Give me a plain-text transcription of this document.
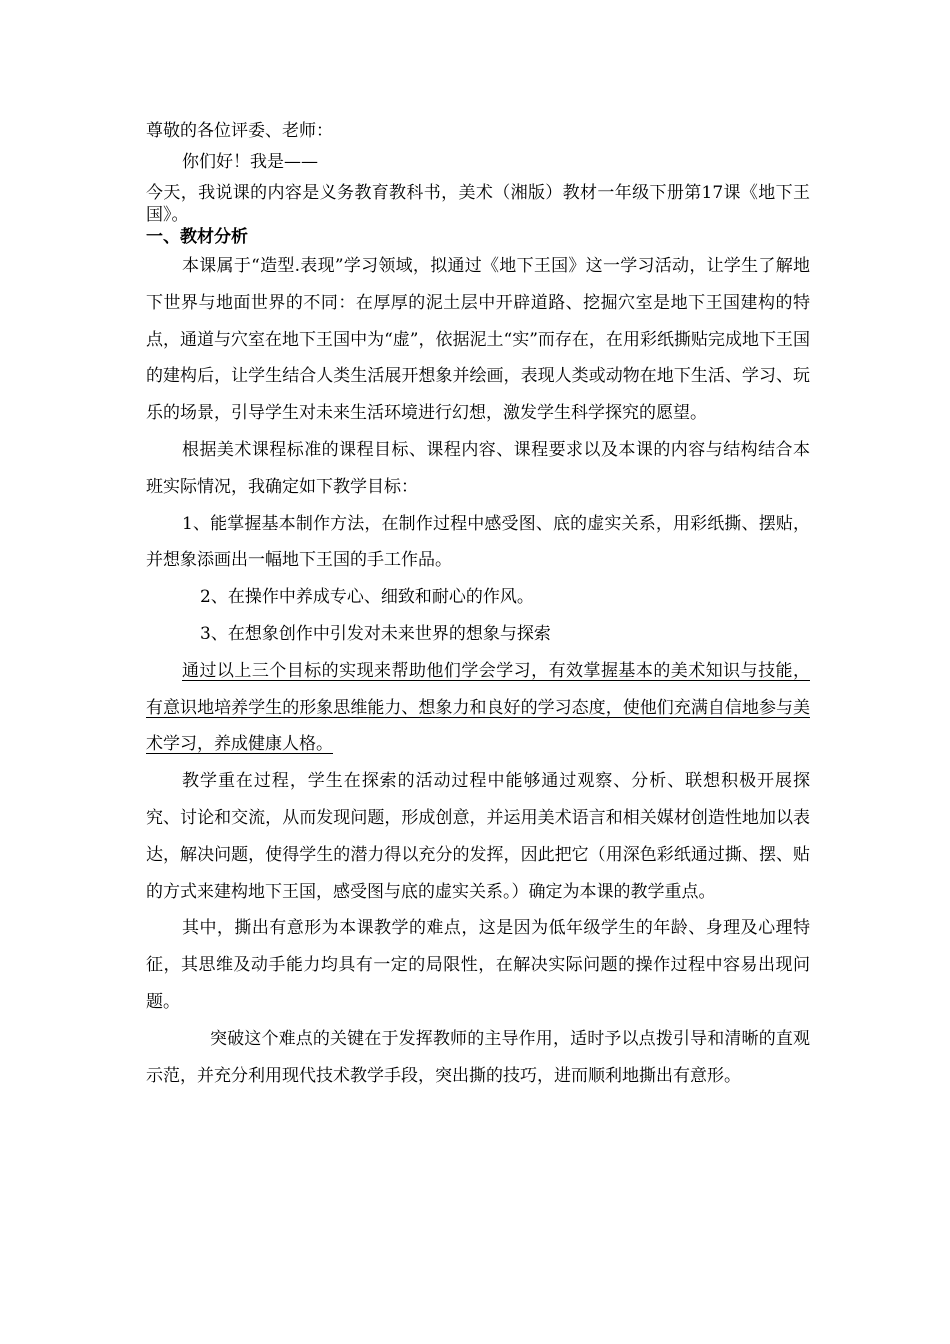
尊敬的各位评委、老师：

你们好！我是——

今天，我说课的内容是义务教育教科书，美术（湘版）教材一年级下册第17课《地下王国》。

一、教材分析

本课属于“造型.表现”学习领域，拟通过《地下王国》这一学习活动，让学生了解地下世界与地面世界的不同：在厚厚的泥土层中开辟道路、挖掘穴室是地下王国建构的特点，通道与穴室在地下王国中为“虚”，依据泥土“实”而存在，在用彩纸撕贴完成地下王国的建构后，让学生结合人类生活展开想象并绘画，表现人类或动物在地下生活、学习、玩乐的场景，引导学生对未来生活环境进行幻想，激发学生科学探究的愿望。

根据美术课程标准的课程目标、课程内容、课程要求以及本课的内容与结构结合本班实际情况，我确定如下教学目标：

1、能掌握基本制作方法，在制作过程中感受图、底的虚实关系，用彩纸撕、摆贴，并想象添画出一幅地下王国的手工作品。

2、在操作中养成专心、细致和耐心的作风。

3、在想象创作中引发对未来世界的想象与探索

通过以上三个目标的实现来帮助他们学会学习，有效掌握基本的美术知识与技能，有意识地培养学生的形象思维能力、想象力和良好的学习态度，使他们充满自信地参与美术学习，养成健康人格。

教学重在过程，学生在探索的活动过程中能够通过观察、分析、联想积极开展探究、讨论和交流，从而发现问题，形成创意，并运用美术语言和相关媒材创造性地加以表达，解决问题，使得学生的潜力得以充分的发挥，因此把它（用深色彩纸通过撕、摆、贴的方式来建构地下王国，感受图与底的虚实关系。）确定为本课的教学重点。

其中，撕出有意形为本课教学的难点，这是因为低年级学生的年龄、身理及心理特征，其思维及动手能力均具有一定的局限性，在解决实际问题的操作过程中容易出现问题。

突破这个难点的关键在于发挥教师的主导作用，适时予以点拨引导和清晰的直观示范，并充分利用现代技术教学手段，突出撕的技巧，进而顺利地撕出有意形。
